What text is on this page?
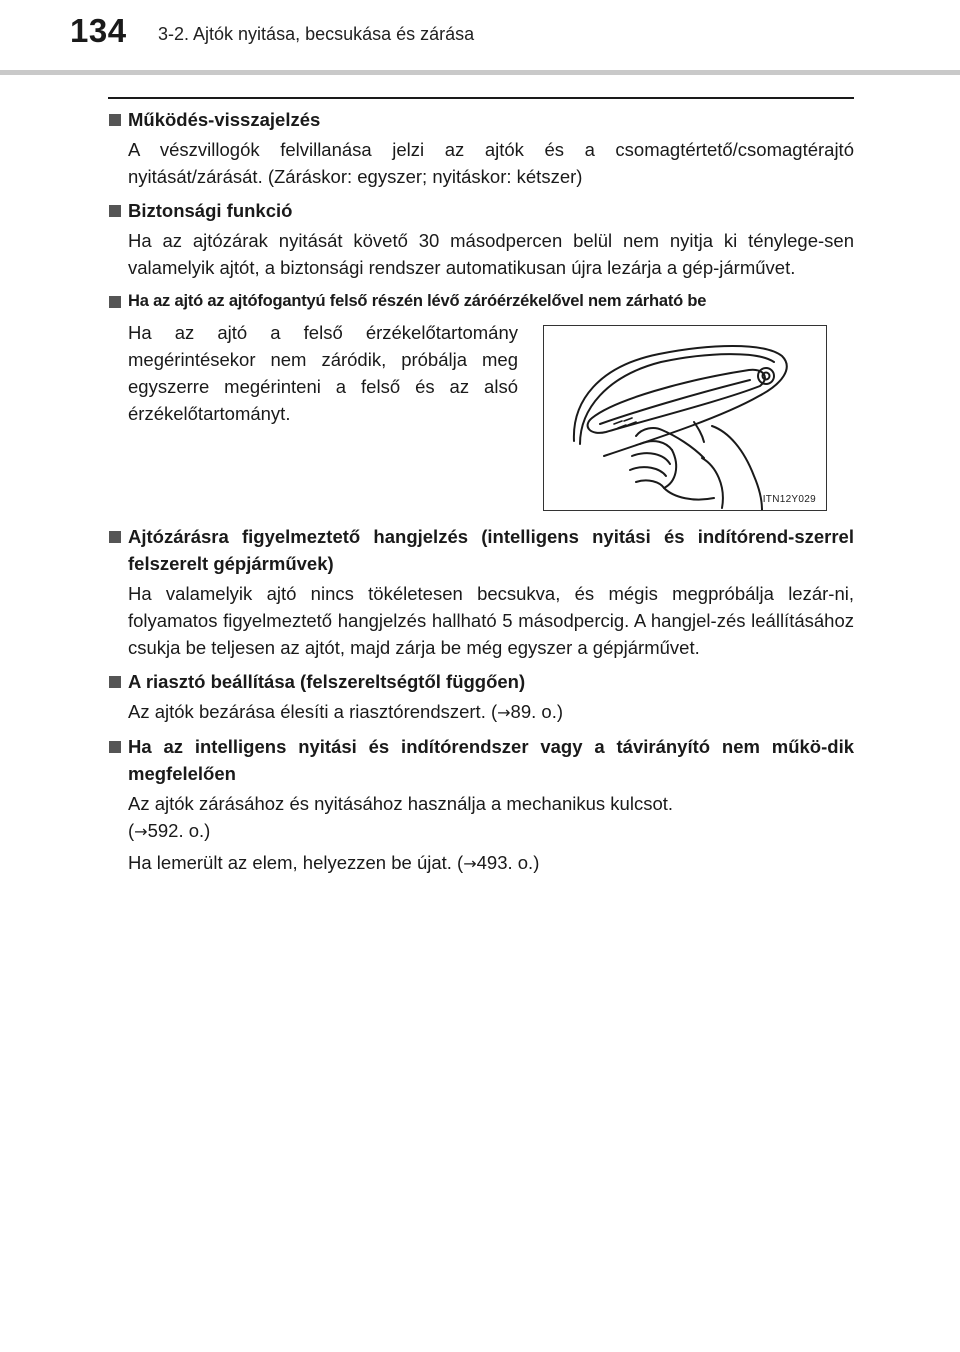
134 3-2. Ajtók nyitása, becsukása és zárása
Működés-visszajelzés
A vészvillogók felvillanása jelzi az ajtók és a csomagtértető/csomagtérajtó nyitását/zárását. (Záráskor: egyszer; nyitáskor: kétszer)
Biztonsági funkció
Ha az ajtózárak nyitását követő 30 másodpercen belül nem nyitja ki ténylege-sen valamelyik ajtót, a biztonsági rendszer automatikusan újra lezárja a gép-járművet.
Ha az ajtó az ajtófogantyú felső részén lévő záróérzékelővel nem zárható be
Ha az ajtó a felső érzékelőtartomány megérintésekor nem záródik, próbálja meg egyszerre megérinteni a felső és az alsó érzékelőtartományt.
ITN12Y029
Ajtózárásra figyelmeztető hangjelzés (intelligens nyitási és indítórend-szerrel felszerelt gépjárművek)
Ha valamelyik ajtó nincs tökéletesen becsukva, és mégis megpróbálja lezár-ni, folyamatos figyelmeztető hangjelzés hallható 5 másodpercig. A hangjel-zés leállításához csukja be teljesen az ajtót, majd zárja be még egyszer a gépjárművet.
A riasztó beállítása (felszereltségtől függően)
Az ajtók bezárása élesíti a riasztórendszert. (→89. o.)
Ha az intelligens nyitási és indítórendszer vagy a távirányító nem műkö-dik megfelelően
Az ajtók zárásához és nyitásához használja a mechanikus kulcsot.
(→592. o.)
Ha lemerült az elem, helyezzen be újat. (→493. o.)
